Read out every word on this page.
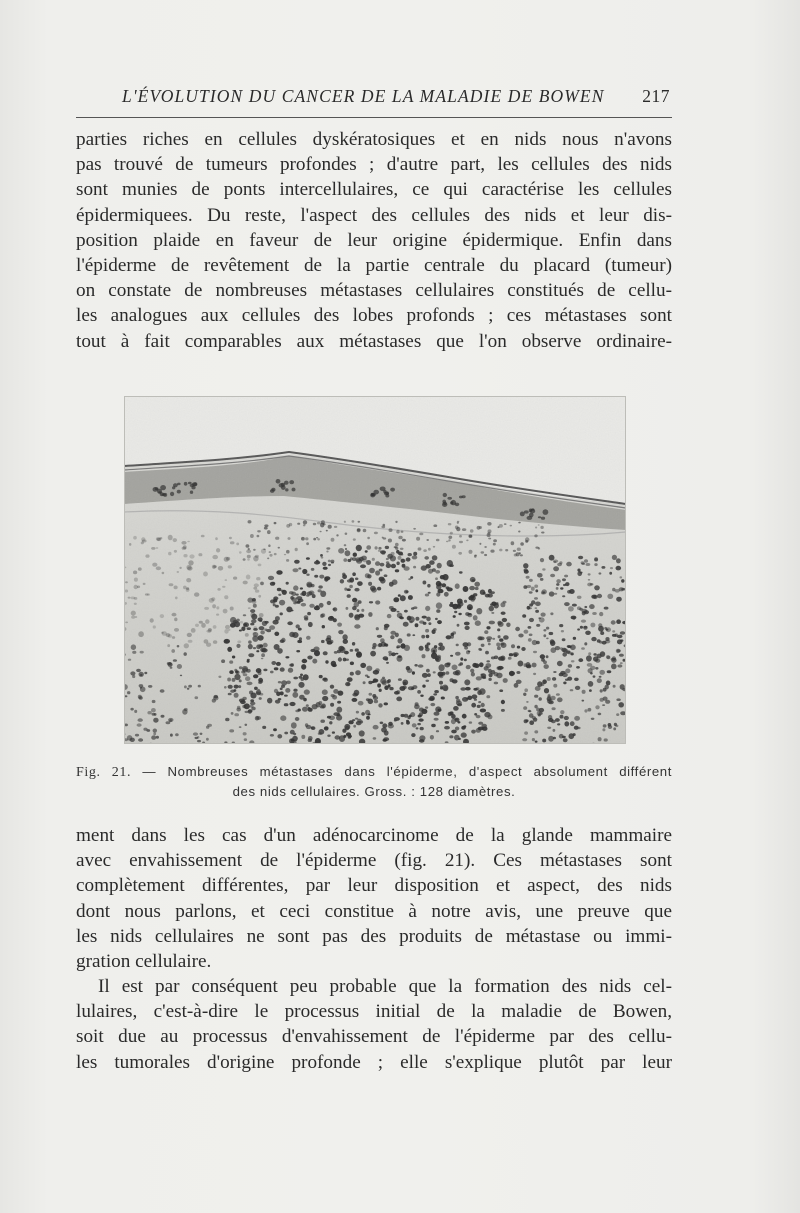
L'ÉVOLUTION DU CANCER DE LA MALADIE DE BOWEN 217
parties riches en cellules dyskératosiques et en nids nous n'avons
pas trouvé de tumeurs profondes ; d'autre part, les cellules des nids
sont munies de ponts intercellulaires, ce qui caractérise les cellules
épidermiquees. Du reste, l'aspect des cellules des nids et leur dis-
position plaide en faveur de leur origine épidermique. Enfin dans
l'épiderme de revêtement de la partie centrale du placard (tumeur)
on constate de nombreuses métastases cellulaires constitués de cellu-
les analogues aux cellules des lobes profonds ; ces métastases sont
tout à fait comparables aux métastases que l'on observe ordinaire-
Fig. 21. — Nombreuses métastases dans l'épiderme, d'aspect absolument différent
des nids cellulaires. Gross. : 128 diamètres.
ment dans les cas d'un adénocarcinome de la glande mammaire
avec envahissement de l'épiderme (fig. 21). Ces métastases sont
complètement différentes, par leur disposition et aspect, des nids
dont nous parlons, et ceci constitue à notre avis, une preuve que
les nids cellulaires ne sont pas des produits de métastase ou immi-
gration cellulaire.
Il est par conséquent peu probable que la formation des nids cel-
lulaires, c'est-à-dire le processus initial de la maladie de Bowen,
soit due au processus d'envahissement de l'épiderme par des cellu-
les tumorales d'origine profonde ; elle s'explique plutôt par leur
